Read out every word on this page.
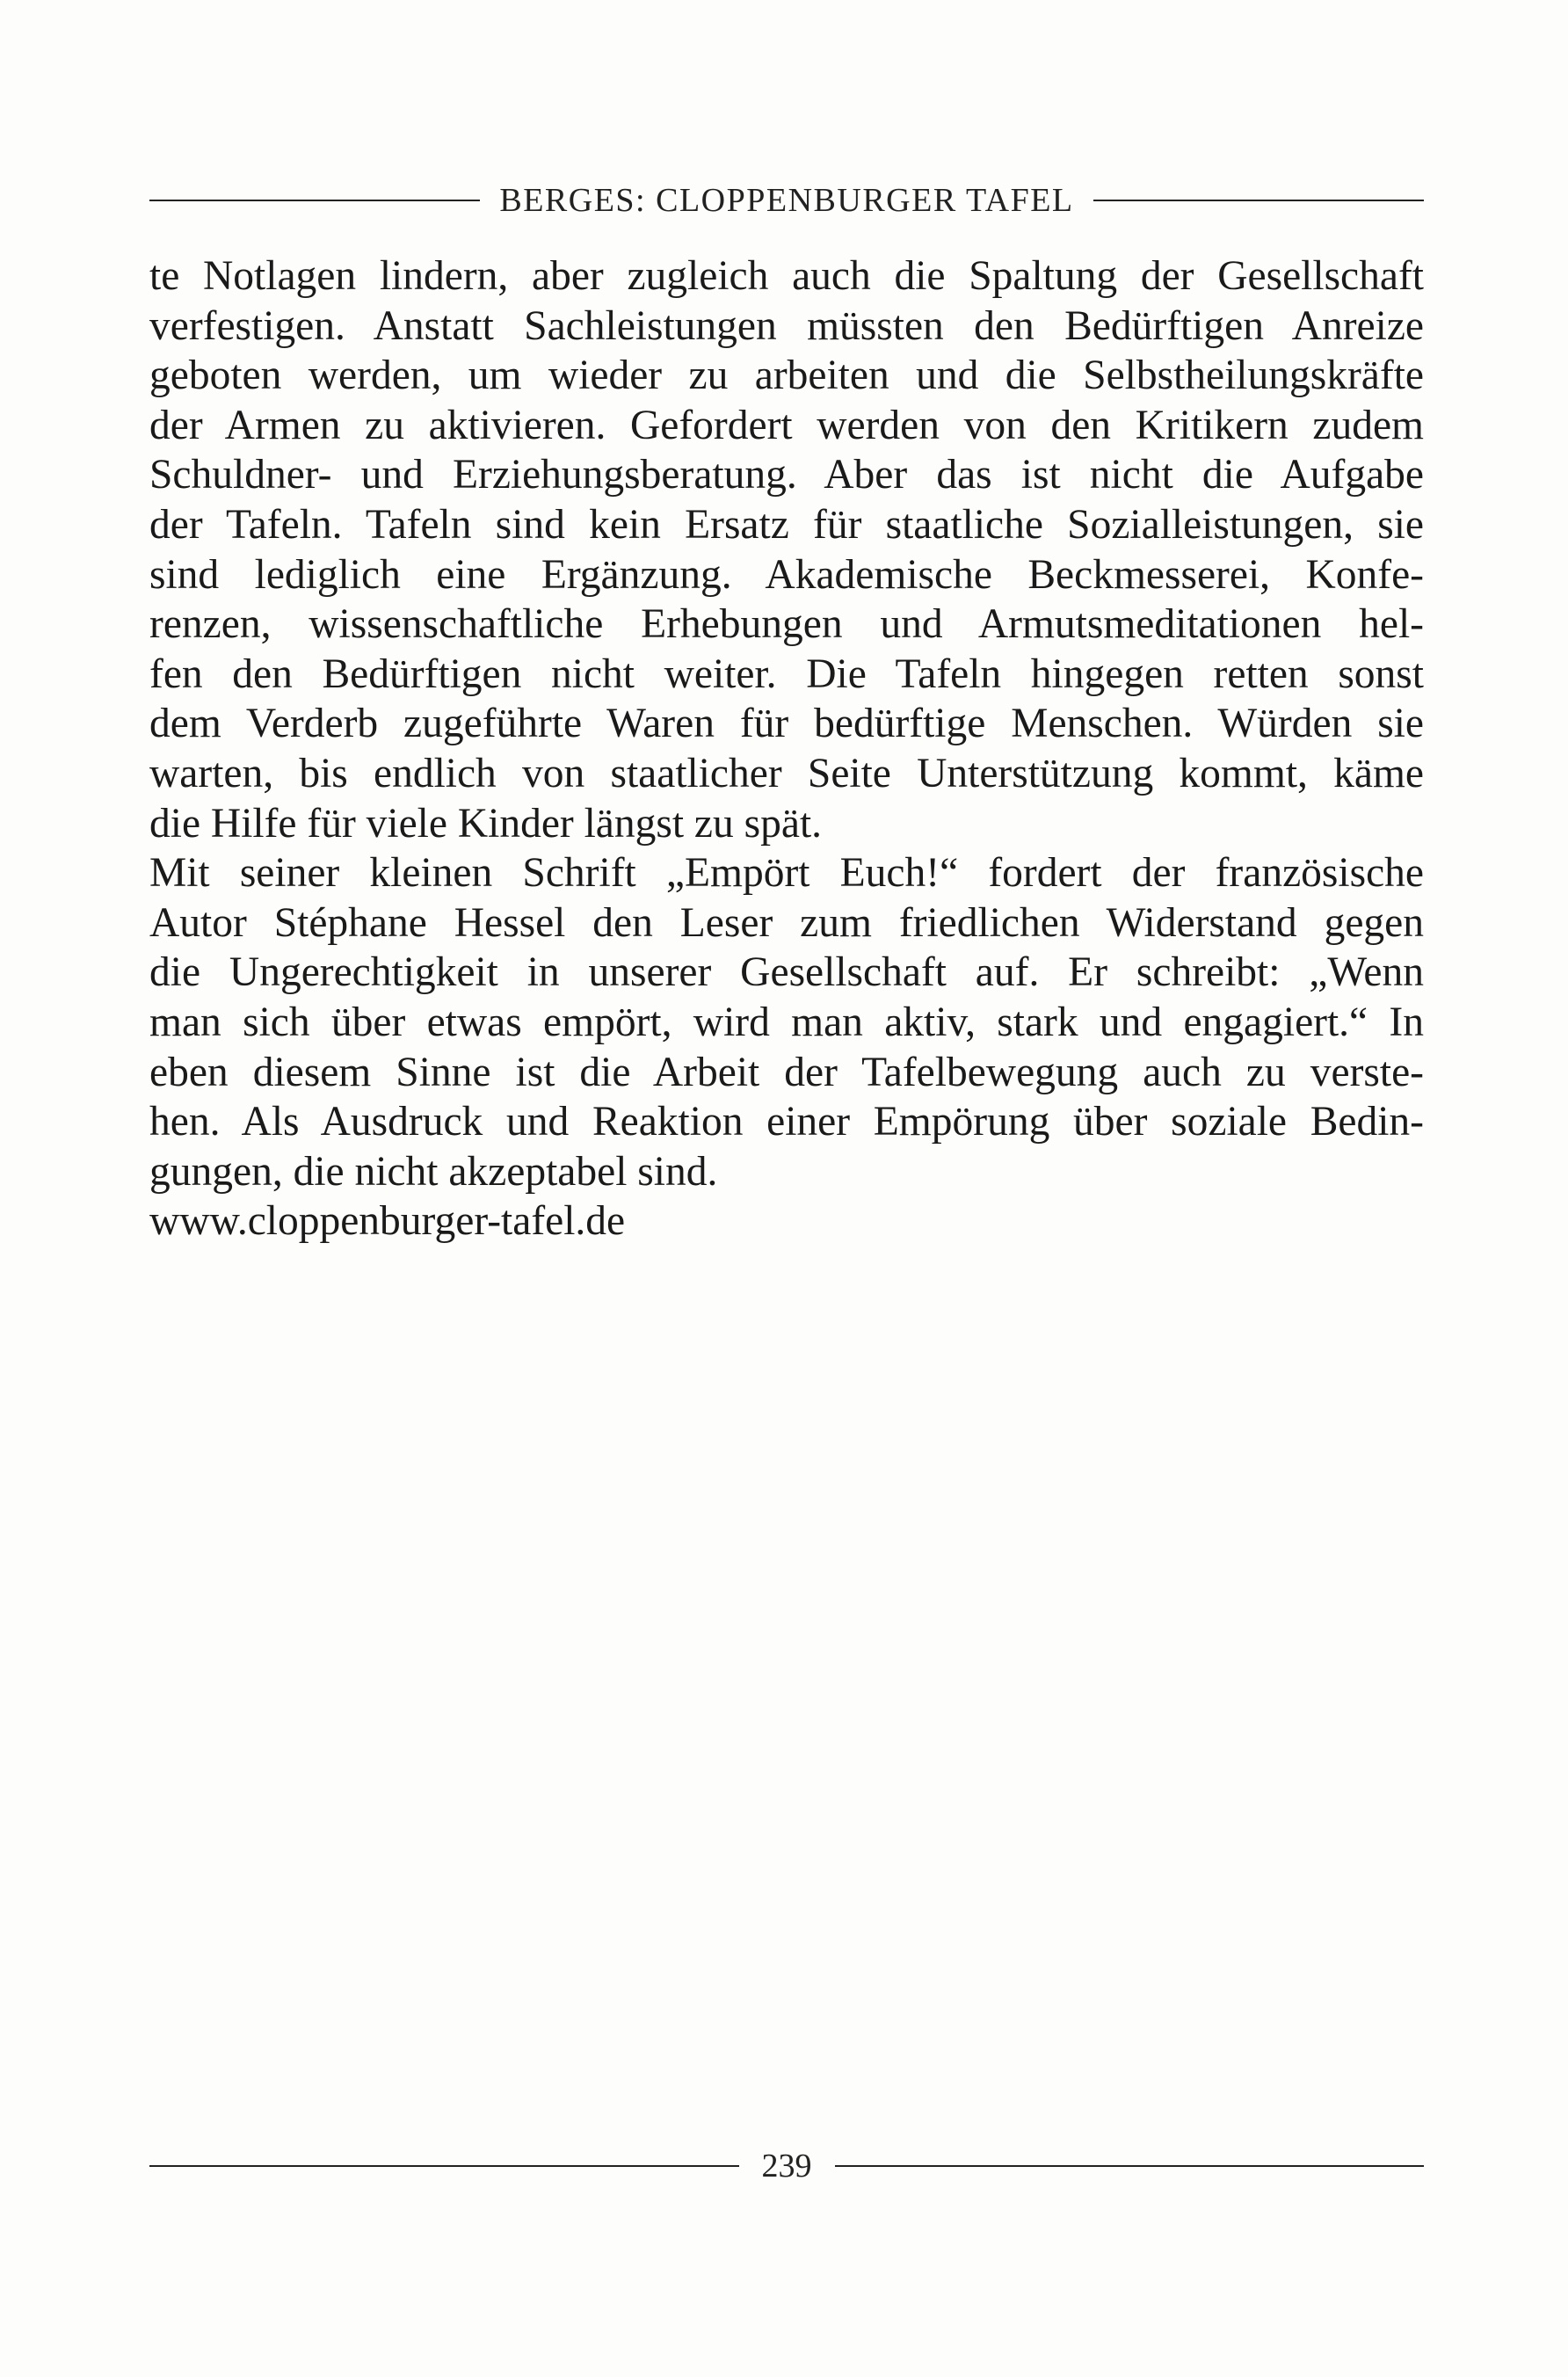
BERGES: CLOPPENBURGER TAFEL

te Notlagen lindern, aber zugleich auch die Spaltung der Gesellschaft
verfestigen. Anstatt Sachleistungen müssten den Bedürftigen Anreize
geboten werden, um wieder zu arbeiten und die Selbstheilungskräfte
der Armen zu aktivieren. Gefordert werden von den Kritikern zudem
Schuldner- und Erziehungsberatung. Aber das ist nicht die Aufgabe
der Tafeln. Tafeln sind kein Ersatz für staatliche Sozialleistungen, sie
sind lediglich eine Ergänzung. Akademische Beckmesserei, Konfe-
renzen, wissenschaftliche Erhebungen und Armutsmeditationen hel-
fen den Bedürftigen nicht weiter. Die Tafeln hingegen retten sonst
dem Verderb zugeführte Waren für bedürftige Menschen. Würden sie
warten, bis endlich von staatlicher Seite Unterstützung kommt, käme
die Hilfe für viele Kinder längst zu spät.

Mit seiner kleinen Schrift „Empört Euch!“ fordert der französische
Autor Stéphane Hessel den Leser zum friedlichen Widerstand gegen
die Ungerechtigkeit in unserer Gesellschaft auf. Er schreibt: „Wenn
man sich über etwas empört, wird man aktiv, stark und engagiert.“ In
eben diesem Sinne ist die Arbeit der Tafelbewegung auch zu verste-
hen. Als Ausdruck und Reaktion einer Empörung über soziale Bedin-
gungen, die nicht akzeptabel sind.

www.cloppenburger-tafel.de

239
